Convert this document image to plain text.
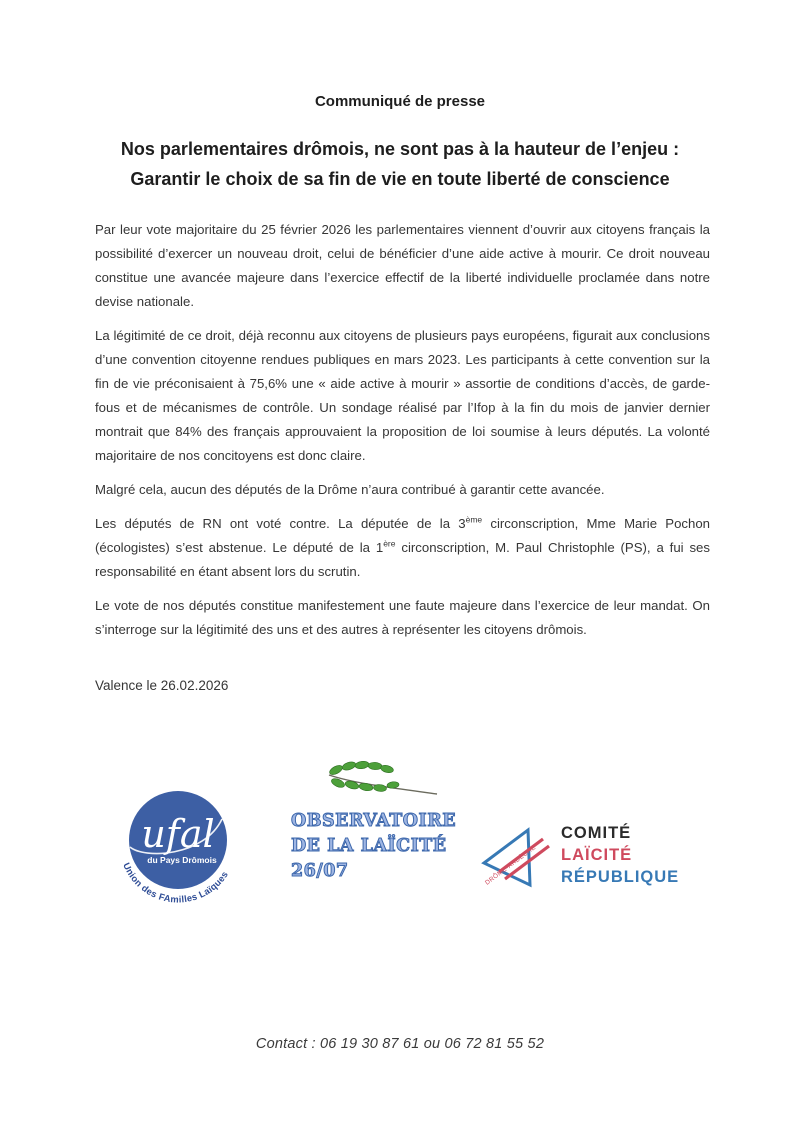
Communiqué de presse
Nos parlementaires drômois, ne sont pas à la hauteur de l’enjeu :
Garantir le choix de sa fin de vie en toute liberté de conscience

Par leur vote majoritaire du 25 février 2026 les parlementaires viennent d’ouvrir aux citoyens français la possibilité d’exercer un nouveau droit, celui de bénéficier d’une aide active à mourir. Ce droit nouveau constitue une avancée majeure dans l’exercice effectif de la liberté individuelle proclamée dans notre devise nationale.

La légitimité de ce droit, déjà reconnu aux citoyens de plusieurs pays européens, figurait aux conclusions d’une convention citoyenne rendues publiques en mars 2023. Les participants à cette convention sur la fin de vie préconisaient à 75,6% une « aide active à mourir » assortie de conditions d’accès, de garde-fous et de mécanismes de contrôle. Un sondage réalisé par l’Ifop à la fin du mois de janvier dernier montrait que 84% des français approuvaient la proposition de loi soumise à leurs députés. La volonté majoritaire de nos concitoyens est donc claire.

Malgré cela, aucun des députés de la Drôme n’aura contribué à garantir cette avancée.

Les députés de RN ont voté contre. La députée de la 3ème circonscription, Mme Marie Pochon (écologistes) s’est abstenue. Le député de la 1ère circonscription, M. Paul Christophle (PS), a fui ses responsabilité en étant absent lors du scrutin.

Le vote de nos députés constitue manifestement une faute majeure dans l’exercice de leur mandat. On s’interroge sur la légitimité des uns et des autres à représenter les citoyens drômois.

Valence le 26.02.2026
ufal
du Pays Drômois
Union des FAmilles Laïques
OBSERVATOIRE
DE LA LAÏCITÉ
26/07	DRÔME-ARDÈCHE
COMITÉ
LAÏCITÉ
RÉPUBLIQUE
Contact : 06 19 30 87 61 ou 06 72 81 55 52
